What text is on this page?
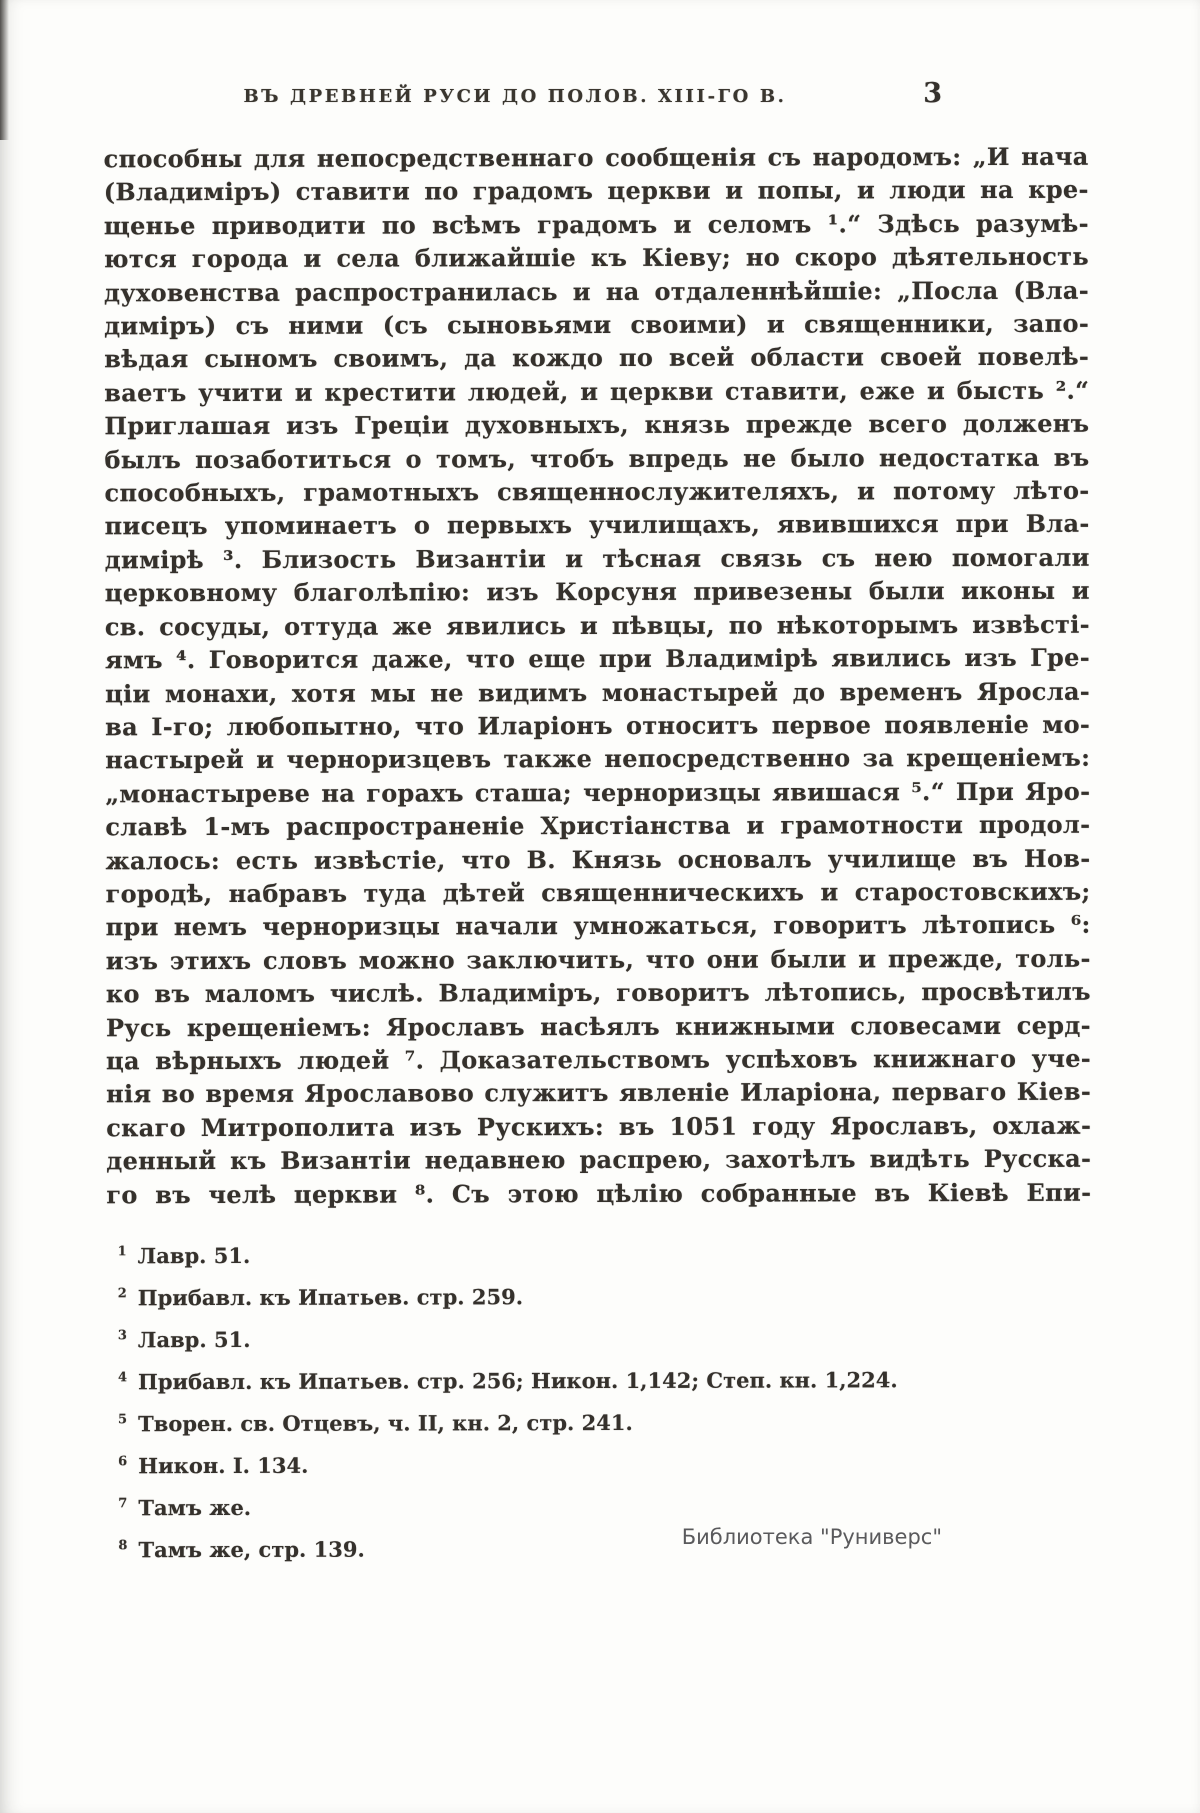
ВЪ ДРЕВНЕЙ РУСИ ДО ПОЛОВ. XIII-ГО В.	3
способны для непосредственнаго сообщенія съ народомъ: „И нача
(Владиміръ) ставити по градомъ церкви и попы, и люди на кре-
щенье приводити по всѣмъ градомъ и селомъ ¹.“ Здѣсь разумѣ-
ются города и села ближайшіе къ Кіеву; но скоро дѣятельность
духовенства распространилась и на отдаленнѣйшіе: „Посла (Вла-
диміръ) съ ними (съ сыновьями своими) и священники, запо-
вѣдая сыномъ своимъ, да кождо по всей области своей повелѣ-
ваетъ учити и крестити людей, и церкви ставити, еже и бысть ².“
Приглашая изъ Греціи духовныхъ, князь прежде всего долженъ
былъ позаботиться о томъ, чтобъ впредь не было недостатка въ
способныхъ, грамотныхъ священнослужителяхъ, и потому лѣто-
писецъ упоминаетъ о первыхъ училищахъ, явившихся при Вла-
димірѣ ³. Близость Византіи и тѣсная связь съ нею помогали
церковному благолѣпію: изъ Корсуня привезены были иконы и
св. сосуды, оттуда же явились и пѣвцы, по нѣкоторымъ извѣсті-
ямъ ⁴. Говорится даже, что еще при Владимірѣ явились изъ Гре-
ціи монахи, хотя мы не видимъ монастырей до временъ Яросла-
ва I-го; любопытно, что Иларіонъ относитъ первое появленіе мо-
настырей и черноризцевъ также непосредственно за крещеніемъ:
„монастыреве на горахъ сташа; черноризцы явишася ⁵.“ При Яро-
славѣ 1-мъ распространеніе Христіанства и грамотности продол-
жалось: есть извѣстіе, что В. Князь основалъ училище въ Нов-
городѣ, набравъ туда дѣтей священническихъ и старостовскихъ;
при немъ черноризцы начали умножаться, говоритъ лѣтопись ⁶:
изъ этихъ словъ можно заключить, что они были и прежде, толь-
ко въ маломъ числѣ. Владиміръ, говоритъ лѣтопись, просвѣтилъ
Русь крещеніемъ: Ярославъ насѣялъ книжными словесами серд-
ца вѣрныхъ людей ⁷. Доказательствомъ успѣховъ книжнаго уче-
нія во время Ярославово служитъ явленіе Иларіона, перваго Кіев-
скаго Митрополита изъ Рускихъ: въ 1051 году Ярославъ, охлаж-
денный къ Византіи недавнею распрею, захотѣлъ видѣть Русска-
го въ челѣ церкви ⁸. Съ этою цѣлію собранные въ Кіевѣ Епи-
1 Лавр. 51.
2 Прибавл. къ Ипатьев. стр. 259.
3 Лавр. 51.
4 Прибавл. къ Ипатьев. стр. 256; Никон. 1,142; Степ. кн. 1,224.
5 Творен. св. Отцевъ, ч. II, кн. 2, стр. 241.
6 Никон. I. 134.
7 Тамъ же.
8 Тамъ же, стр. 139.	Библиотека "Руниверс"
